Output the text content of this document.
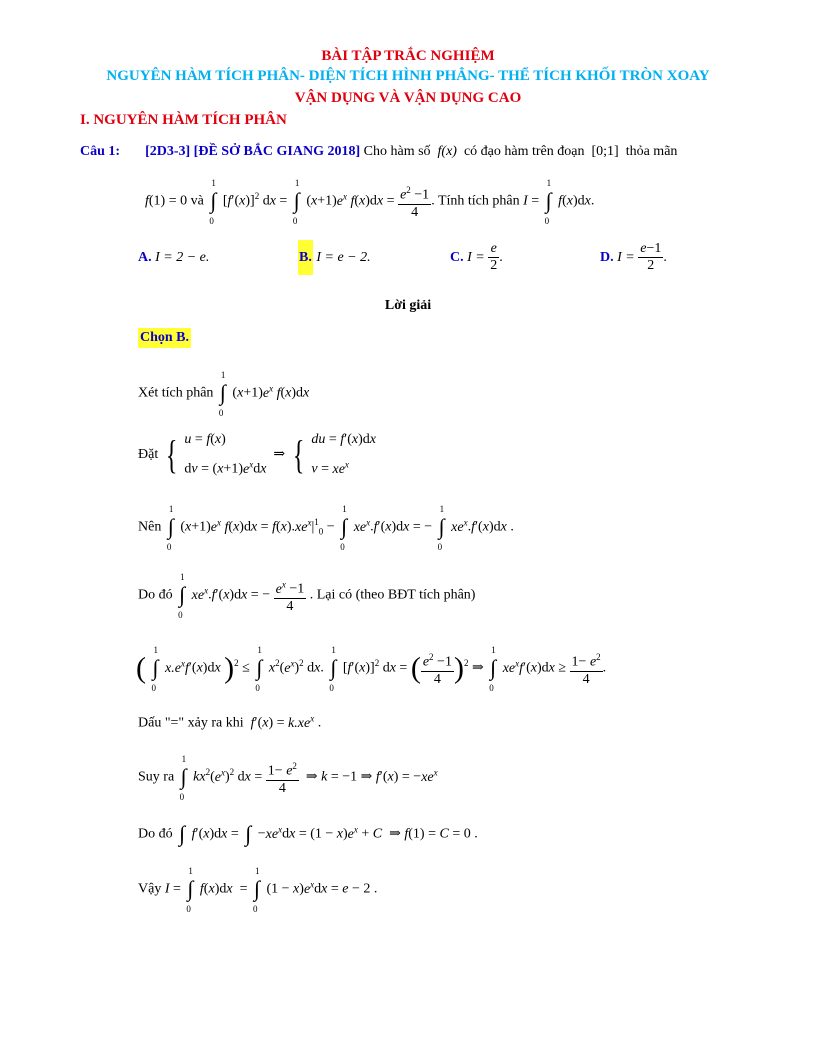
BÀI TẬP TRẮC NGHIỆM
NGUYÊN HÀM TÍCH PHÂN- DIỆN TÍCH HÌNH PHẲNG- THỂ TÍCH KHỐI TRÒN XOAY
VẬN DỤNG VÀ VẬN DỤNG CAO
I. NGUYÊN HÀM TÍCH PHÂN
Câu 1: [2D3-3] [ĐỀ SỞ BẮC GIANG 2018] Cho hàm số  f(x)  có đạo hàm trên đoạn  [0;1]  thỏa mãn
f(1) = 0 và ∫
1
0
$[f'(x)]^2$ dx = ∫
1
0
$(x+1)e^x$ $f(x)dx = \frac{e^2 -1}{4}$ . Tính tích phân I = ∫
1
0
f(x)dx.
A. I = 2 − e.	B. I = e − 2.	C. $I = \frac{e}{2}$ .	D. $I = \frac{e-1}{2}$ .
Lời giải
Chọn B.
Xét tích phân ∫
1
0
$(x+1)e^x$ f(x)dx
Đặt { u = f(x)
dv = $(x+1)e^xdx$  ⇒ { du = f′(x)dx
$v = xe^x$
Nên ∫
1
0
$(x+1)e^x$ $f(x)dx = f(x).xe^x|^1_0$ − ∫
1
0
$xe^x.f'(x)dx$ = − ∫
1
0
$xe^x.f'(x)dx$ .
Do đó ∫
1
0
$xe^x.f'(x)dx$ = − $\frac{e^x -1}{4}$ . Lại có (theo BĐT tích phân)
( ∫
1
0
$x.e^xf'(x)dx$ )$^2$ ≤ ∫
1
0
$x^2(e^x)^2$ dx. ∫
1
0
$[f'(x)]^2$ dx = ( $\frac{e^2 -1}{4} )^2$ ⇒ ∫
1
0
$xe^xf'(x)dx \ge \frac{1- e^2}{4}$ .
Dấu "=" xảy ra khi $f'(x) = k.xe^x$ .
Suy ra ∫
1
0
$kx^2(e^x)^2$ dx = $\frac{1- e^2}{4}$ ⇒ k = −1 ⇒ $f'(x) = -xe^x$
Do đó ∫ f′(x)dx = ∫ $-xe^xdx = (1 - x)e^x + C$  ⇒ f(1) = C = 0 .
Vậy I = ∫
1
0
f(x)dx  = ∫
1
0
$(1 - x)e^xdx = e - 2$ .
